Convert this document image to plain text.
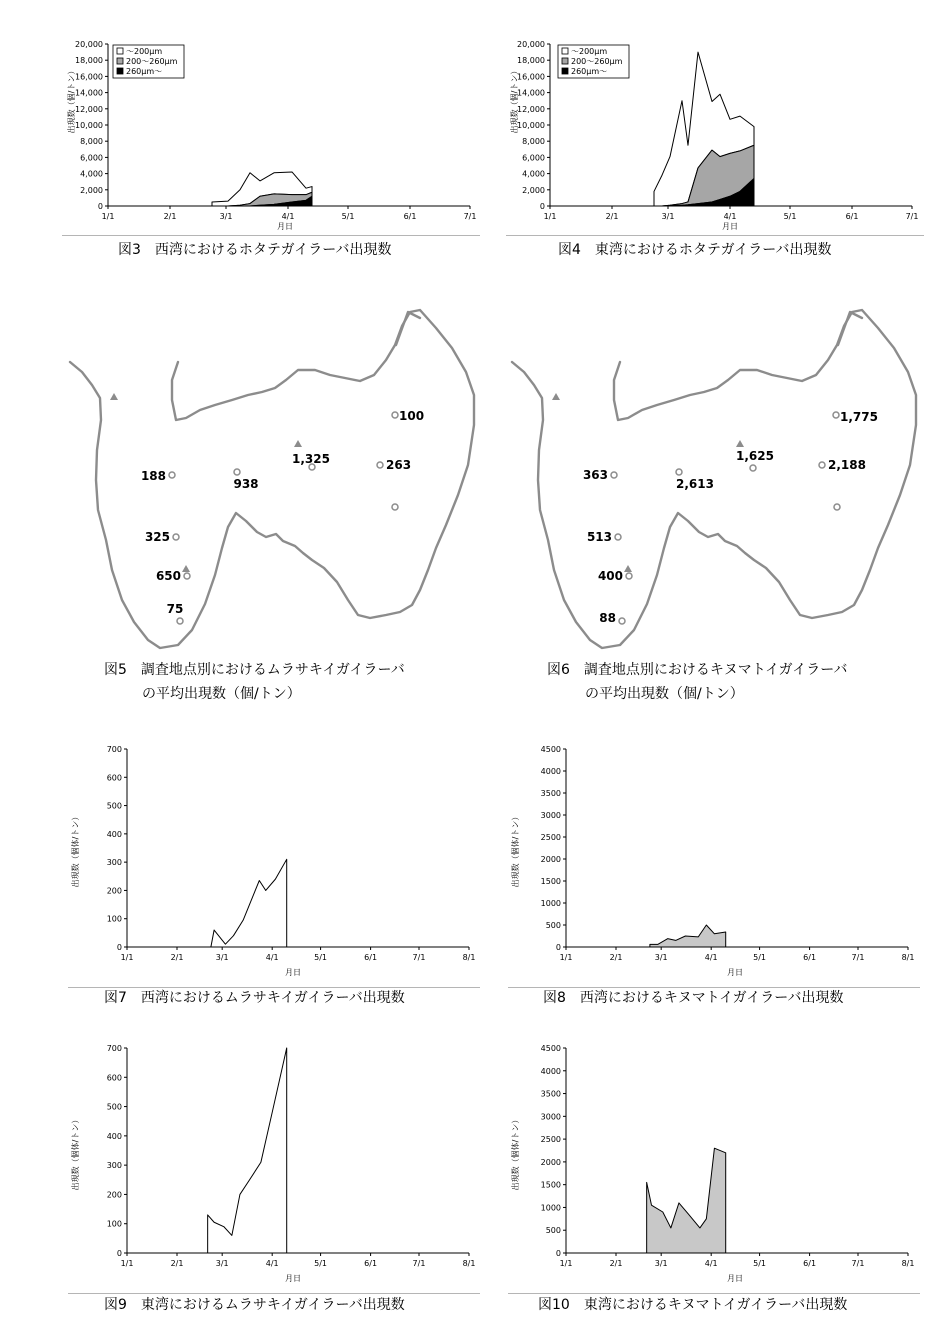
0
2,000
4,000
6,000
8,000
10,000
12,000
14,000
16,000
18,000
20,000
1/1	2/1	3/1	4/1	5/1	6/1	7/1
月日
出現数（個/トン）
～200μm
200～260μm
260μm～
0
2,000
4,000
6,000
8,000
10,000
12,000
14,000
16,000
18,000
20,000
1/1	2/1	3/1	4/1	5/1	6/1	7/1
月日
出現数（個/トン）
～200μm
200～260μm
260μm～
100
1,325	263
188
938
325
650
75
1,775
1,625
2,188
363
2,613
513
400
88
0
100
200
300
400
500
600
700
1/1	2/1	3/1	4/1	5/1	6/1	7/1	8/1
月日
出現数（個体/トン）
0
500
1000
1500
2000
2500
3000
3500
4000
4500
1/1	2/1	3/1	4/1	5/1	6/1	7/1	8/1
月日
出現数（個体/トン）
0
100
200
300
400
500
600
700
1/1	2/1	3/1	4/1	5/1	6/1	7/1	8/1
月日
出現数（個体/トン）
0
500
1000
1500
2000
2500
3000
3500
4000
4500
1/1	2/1	3/1	4/1	5/1	6/1	7/1	8/1
月日
出現数（個体/トン）
図3　西湾におけるホタテガイラーバ出現数	図4　東湾におけるホタテガイラーバ出現数
図5　調査地点別におけるムラサキイガイラーバ
の平均出現数（個/トン）
図6　調査地点別におけるキヌマトイガイラーバ
の平均出現数（個/トン）
図7　西湾におけるムラサキイガイラーバ出現数	図8　西湾におけるキヌマトイガイラーバ出現数
図9　東湾におけるムラサキイガイラーバ出現数	図10　東湾におけるキヌマトイガイラーバ出現数
